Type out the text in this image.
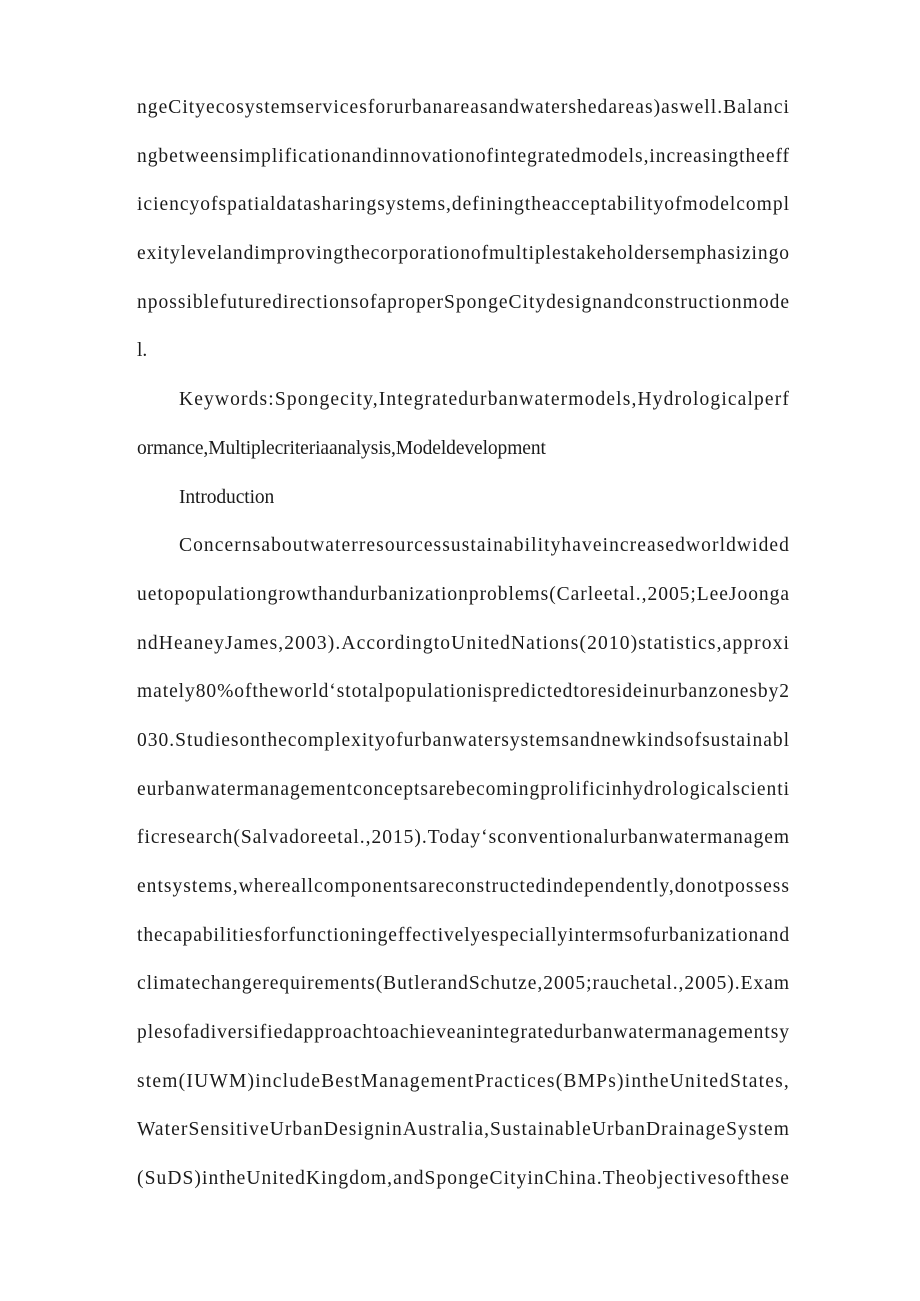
ngeCityecosystemservicesforurbanareasandwatershedareas)aswell.Balanci
ngbetweensimplificationandinnovationofintegratedmodels,increasingtheeff
iciencyofspatialdatasharingsystems,definingtheacceptabilityofmodelcompl
exitylevelandimprovingthecorporationofmultiplestakeholdersemphasizingo
npossiblefuturedirectionsofaproperSpongeCitydesignandconstructionmode
l.
Keywords:Spongecity,Integratedurbanwatermodels,Hydrologicalperf
ormance,Multiplecriteriaanalysis,Modeldevelopment
Introduction
Concernsaboutwaterresourcessustainabilityhaveincreasedworldwided
uetopopulationgrowthandurbanizationproblems(Carleetal.,2005;LeeJoonga
ndHeaneyJames,2003).AccordingtoUnitedNations(2010)statistics,approxi
mately80%oftheworld‘stotalpopulationispredictedtoresideinurbanzonesby2
030.Studiesonthecomplexityofurbanwatersystemsandnewkindsofsustainabl
eurbanwatermanagementconceptsarebecomingprolificinhydrologicalscienti
ficresearch(Salvadoreetal.,2015).Today‘sconventionalurbanwatermanagem
entsystems,whereallcomponentsareconstructedindependently,donotpossess
thecapabilitiesforfunctioningeffectivelyespeciallyintermsofurbanizationand
climatechangerequirements(ButlerandSchutze,2005;rauchetal.,2005).Exam
plesofadiversifiedapproachtoachieveanintegratedurbanwatermanagementsy
stem(IUWM)includeBestManagementPractices(BMPs)intheUnitedStates,
WaterSensitiveUrbanDesigninAustralia,SustainableUrbanDrainageSystem
(SuDS)intheUnitedKingdom,andSpongeCityinChina.Theobjectivesofthese
